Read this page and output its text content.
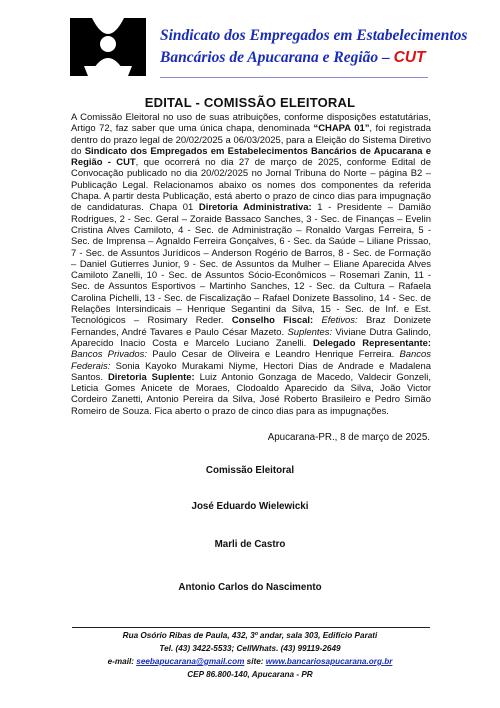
Sindicato dos Empregados em Estabelecimentos
Bancários de Apucarana e Região – CUT
EDITAL - COMISSÃO ELEITORAL
A Comissão Eleitoral no uso de suas atribuições, conforme disposições estatutárias, Artigo 72, faz saber que uma única chapa, denominada “CHAPA 01”, foi registrada dentro do prazo legal de 20/02/2025 a 06/03/2025, para a Eleição do Sistema Diretivo do Sindicato dos Empregados em Estabelecimentos Bancários de Apucarana e Região - CUT, que ocorrerá no dia 27 de março de 2025, conforme Edital de Convocação publicado no dia 20/02/2025 no Jornal Tribuna do Norte – página B2 – Publicação Legal. Relacionamos abaixo os nomes dos componentes da referida Chapa. A partir desta Publicação, está aberto o prazo de cinco dias para impugnação de candidaturas. Chapa 01 Diretoria Administrativa: 1 - Presidente – Damião Rodrigues, 2 - Sec. Geral – Zoraide Bassaco Sanches, 3 - Sec. de Finanças – Evelin Cristina Alves Camiloto, 4 - Sec. de Administração – Ronaldo Vargas Ferreira, 5 - Sec. de Imprensa – Agnaldo Ferreira Gonçalves, 6 - Sec. da Saúde – Liliane Prissao, 7 - Sec. de Assuntos Jurídicos – Anderson Rogério de Barros, 8 - Sec. de Formação – Daniel Gutierres Junior, 9 - Sec. de Assuntos da Mulher – Eliane Aparecida Alves Camiloto Zanelli, 10 - Sec. de Assuntos Sócio-Econômicos – Rosemari Zanin, 11 - Sec. de Assuntos Esportivos – Martinho Sanches, 12 - Sec. da Cultura – Rafaela Carolina Pichelli, 13 - Sec. de Fiscalização – Rafael Donizete Bassolino, 14 - Sec. de Relações Intersindicais – Henrique Segantini da Silva, 15 - Sec. de Inf. e Est. Tecnológicos – Rosimary Reder. Conselho Fiscal: Efetivos: Braz Donizete Fernandes, André Tavares e Paulo César Mazeto. Suplentes: Viviane Dutra Galindo, Aparecido Inacio Costa e Marcelo Luciano Zanelli. Delegado Representante: Bancos Privados: Paulo Cesar de Oliveira e Leandro Henrique Ferreira. Bancos Federais: Sonia Kayoko Murakami Niyme, Hectori Dias de Andrade e Madalena Santos. Diretoria Suplente: Luiz Antonio Gonzaga de Macedo, Valdecir Gonzeli, Leticia Gomes Anicete de Moraes, Clodoaldo Aparecido da Silva, João Victor Cordeiro Zanetti, Antonio Pereira da Silva, José Roberto Brasileiro e Pedro Simão Romeiro de Souza. Fica aberto o prazo de cinco dias para as impugnações.
Apucarana-PR., 8 de março de 2025.
Comissão Eleitoral
José Eduardo Wielewicki
Marli de Castro
Antonio Carlos do Nascimento
Rua Osório Ribas de Paula, 432, 3º andar, sala 303, Edifício Parati
Tel. (43) 3422-5533; CellWhats. (43) 99119-2649
e-mail: seebapucarana@gmail.com site: www.bancariosapucarana.org.br
CEP 86.800-140, Apucarana - PR
